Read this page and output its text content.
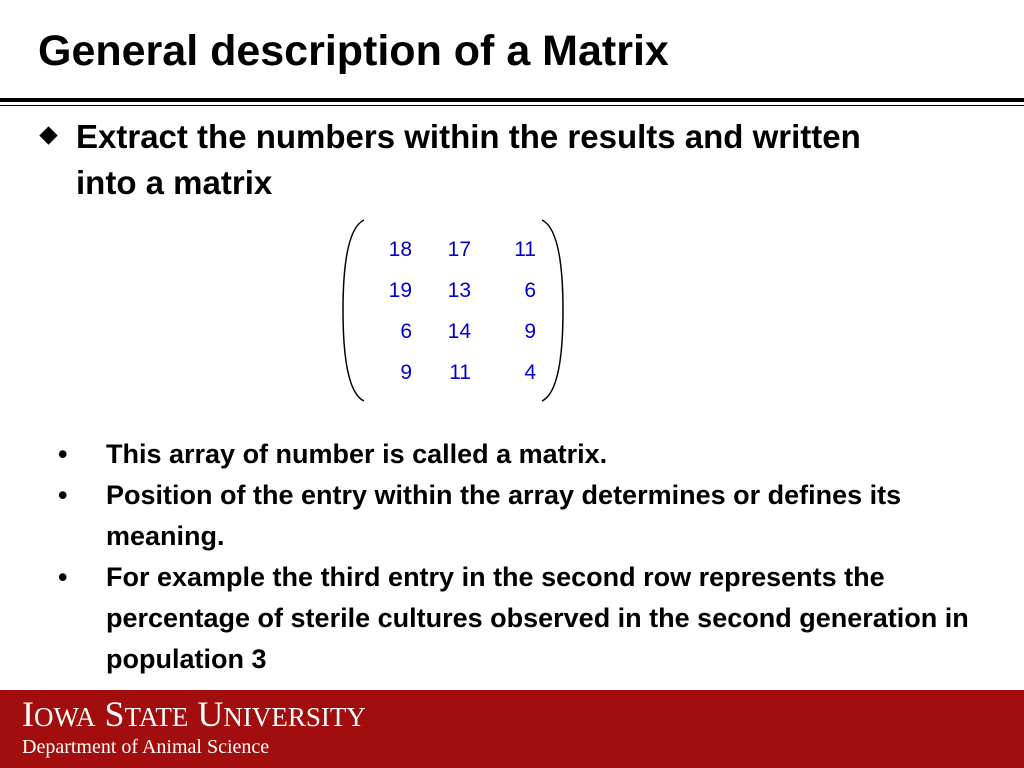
General description of a Matrix
Extract the numbers within the results and written into a matrix
18	17	11
19	13	6
6	14	9
9	11	4
•	This array of number is called a matrix.
•	Position of the entry within the array determines or defines its meaning.
•	For example the third entry in the second row represents the percentage of sterile cultures observed in the second generation in population 3
IOWA STATE UNIVERSITY
Department of Animal Science
